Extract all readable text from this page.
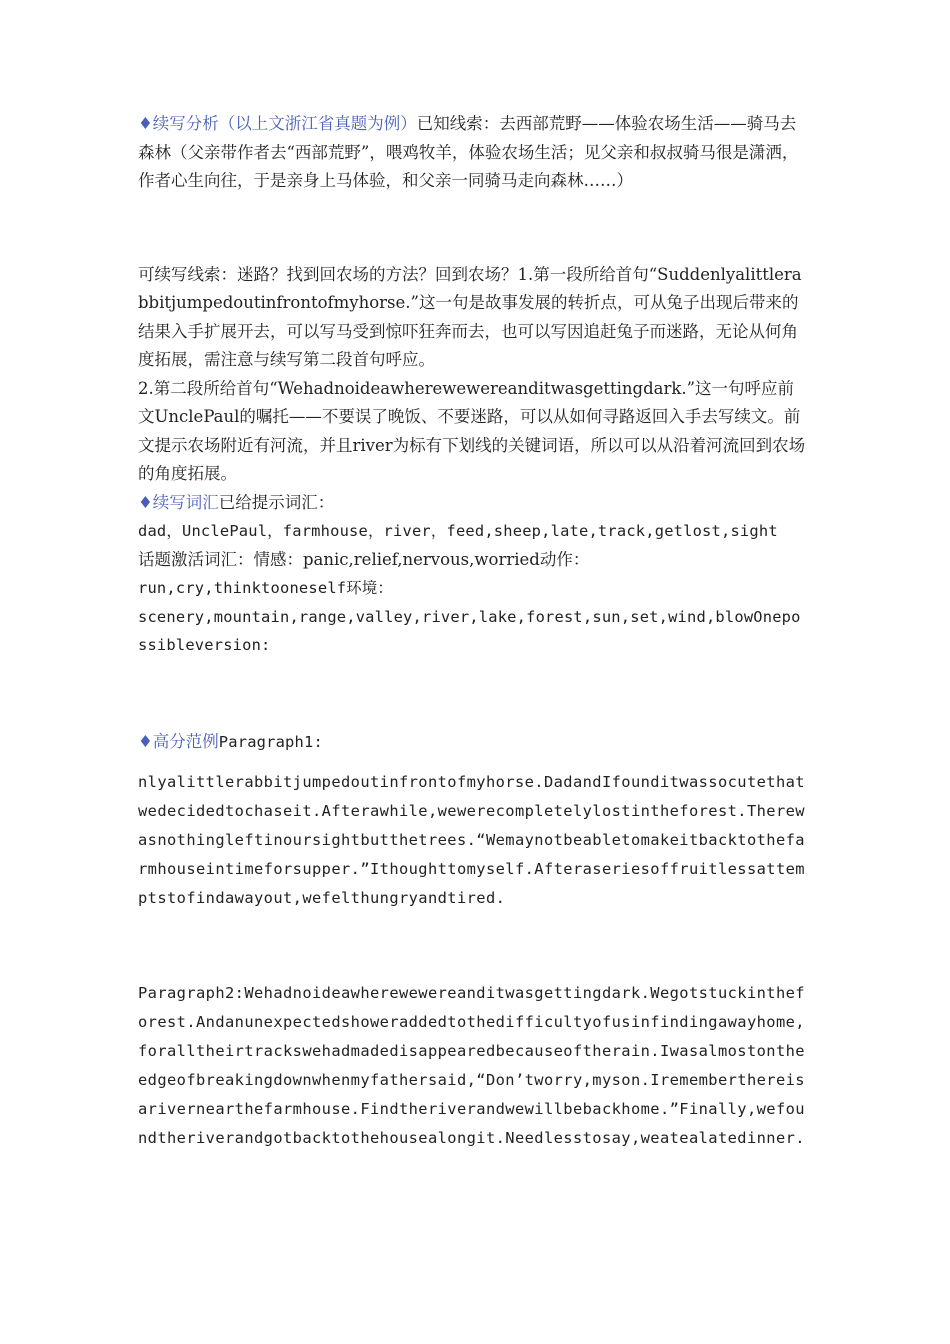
♦续写分析（以上文浙江省真题为例）已知线索：去西部荒野——体验农场生活——骑马去森林（父亲带作者去“西部荒野”，喂鸡牧羊，体验农场生活；见父亲和叔叔骑马很是潇洒，作者心生向往，于是亲身上马体验，和父亲一同骑马走向森林……）

可续写线索：迷路？找到回农场的方法？回到农场？1.第一段所给首句“Suddenlyalittlerabbitjumpedoutinfrontofmyhorse.”这一句是故事发展的转折点，可从兔子出现后带来的结果入手扩展开去，可以写马受到惊吓狂奔而去，也可以写因追赶兔子而迷路，无论从何角度拓展，需注意与续写第二段首句呼应。

2.第二段所给首句“Wehadnoideawherewewereanditwasgettingdark.”这一句呼应前文UnclePaul的嘱托——不要误了晚饭、不要迷路，可以从如何寻路返回入手去写续文。前文提示农场附近有河流，并且river为标有下划线的关键词语，所以可以从沿着河流回到农场的角度拓展。

♦续写词汇已给提示词汇：

dad，UnclePaul，farmhouse，river，feed,sheep,late,track,getlost,sight

话题激活词汇：情感：panic,relief,nervous,worried动作：

run,cry,thinktooneself环境：

scenery,mountain,range,valley,river,lake,forest,sun,set,wind,blowOnepossibleversion:

♦高分范例Paragraph1:

nlyalittlerabbitjumpedoutinfrontofmyhorse.DadandIfounditwassocutethatwedecidedtochaseit.Afterawhile,wewerecompletelylostintheforest.Therewasnothingleftinoursightbutthetrees.“Wemaynotbeabletomakeitbacktothefarmhouseintimeforsupper.”Ithoughttomyself.Afteraseriesoffruitlessattemptstofindawayout,wefelthungryandtired.

Paragraph2:Wehadnoideawherewewereanditwasgettingdark.Wegotstuckintheforest.Andanunexpectedshoweraddedtothedifficultyofusinfindingawayhome,foralltheirtrackswehadmadedisappearedbecauseoftherain.Iwasalmostontheedgeofbreakingdownwhenmyfathersaid,“Don’tworry,myson.Irememberthereisarivernearthefarmhouse.Findtheriverandwewillbebackhome.”Finally,wefoundtheriverandgotbacktothehousealongit.Needlesstosay,weatealatedinner.
